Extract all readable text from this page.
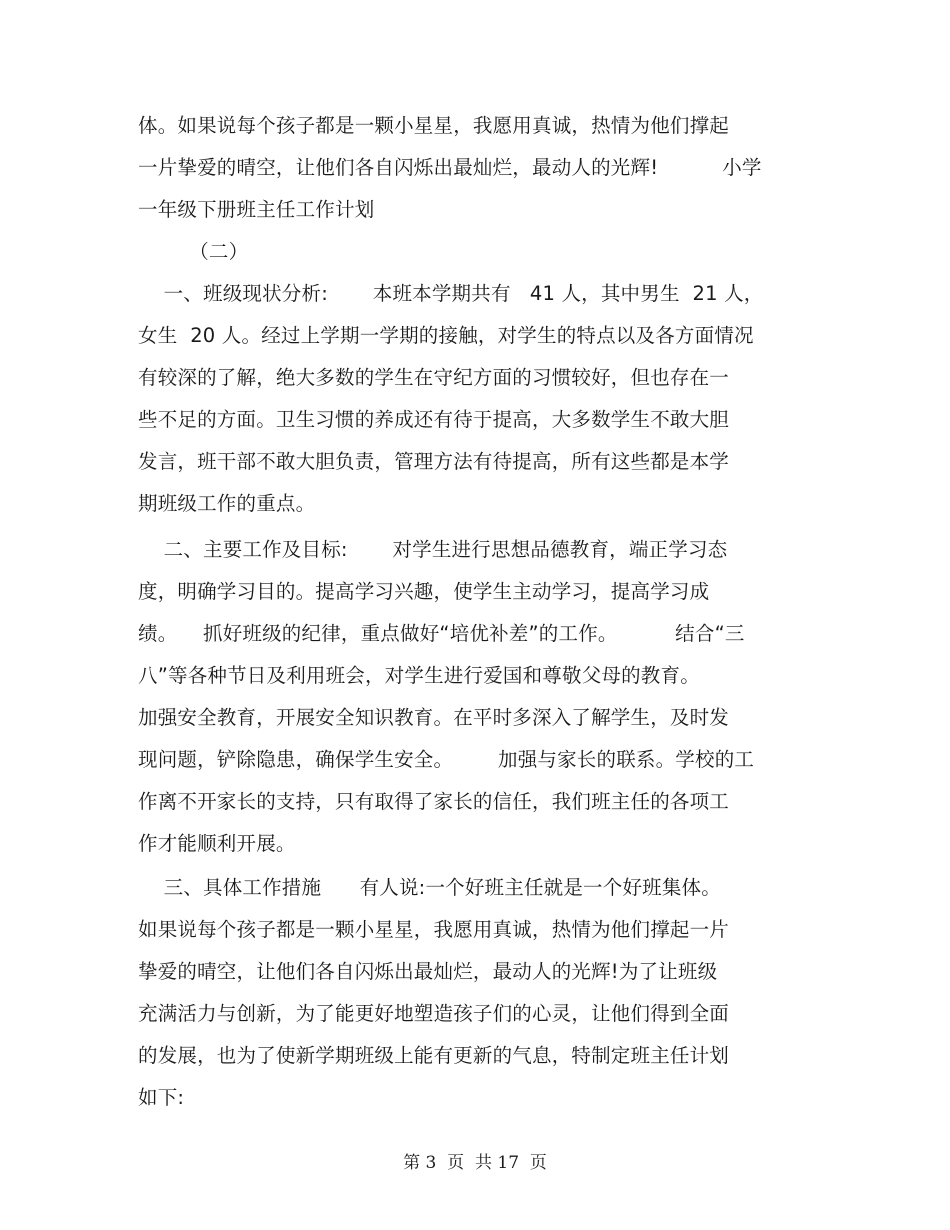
体。如果说每个孩子都是一颗小星星，我愿用真诚，热情为他们撑起
一片挚爱的晴空，让他们各自闪烁出最灿烂，最动人的光辉!          小学
一年级下册班主任工作计划
（二）
一、班级现状分析:       本班本学期共有   41 人，其中男生  21 人，
女生  20 人。经过上学期一学期的接触，对学生的特点以及各方面情况
有较深的了解，绝大多数的学生在守纪方面的习惯较好，但也存在一
些不足的方面。卫生习惯的养成还有待于提高，大多数学生不敢大胆
发言，班干部不敢大胆负责，管理方法有待提高，所有这些都是本学
期班级工作的重点。
二、主要工作及目标:       对学生进行思想品德教育，端正学习态
度，明确学习目的。提高学习兴趣，使学生主动学习，提高学习成
绩。    抓好班级的纪律，重点做好“培优补差”的工作。         结合“三
八”等各种节日及利用班会，对学生进行爱国和尊敬父母的教育。
加强安全教育，开展安全知识教育。在平时多深入了解学生，及时发
现问题，铲除隐患，确保学生安全。       加强与家长的联系。学校的工
作离不开家长的支持，只有取得了家长的信任，我们班主任的各项工
作才能顺利开展。
三、具体工作措施      有人说:一个好班主任就是一个好班集体。
如果说每个孩子都是一颗小星星，我愿用真诚，热情为他们撑起一片
挚爱的晴空，让他们各自闪烁出最灿烂，最动人的光辉!为了让班级
充满活力与创新，为了能更好地塑造孩子们的心灵，让他们得到全面
的发展，也为了使新学期班级上能有更新的气息，特制定班主任计划
如下:
第 3  页  共 17  页
